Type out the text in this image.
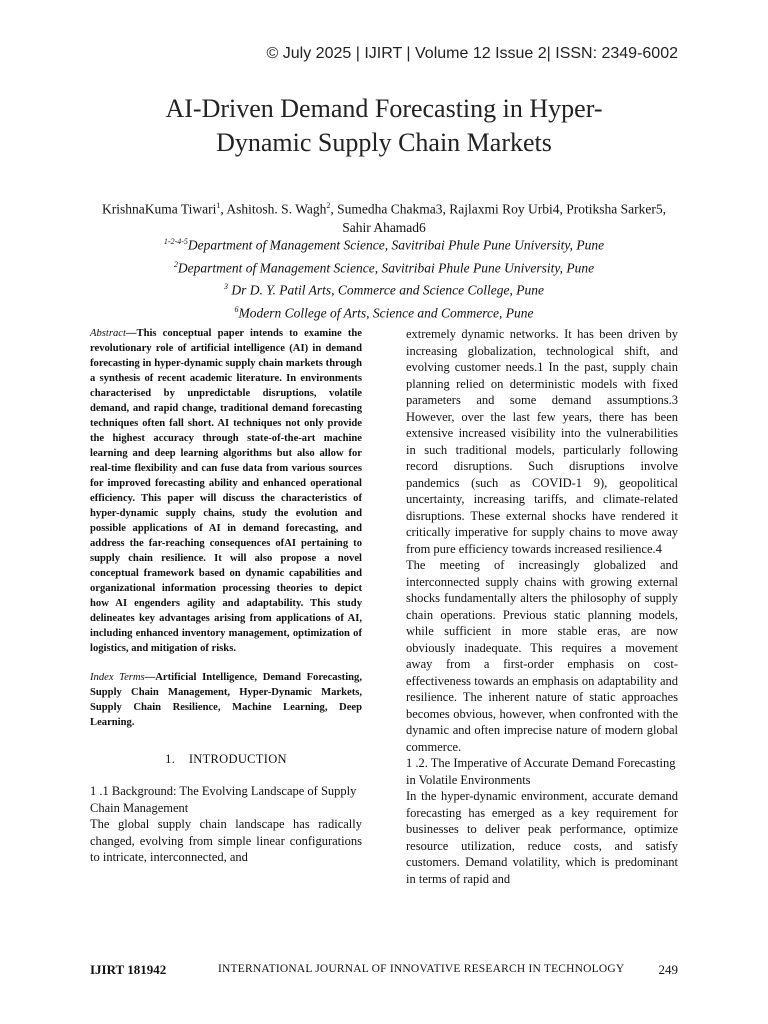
© July 2025 | IJIRT | Volume 12 Issue 2| ISSN: 2349-6002
AI-Driven Demand Forecasting in Hyper-
Dynamic Supply Chain Markets
KrishnaKuma Tiwari$^1$, Ashitosh. S. Wagh$^2$, Sumedha Chakma3, Rajlaxmi Roy Urbi4, Protiksha Sarker5,
Sahir Ahamad6
$^{1-2-4-5}$Department of Management Science, Savitribai Phule Pune University, Pune
$^2$Department of Management Science, Savitribai Phule Pune University, Pune
$^3$ Dr D. Y. Patil Arts, Commerce and Science College, Pune
$^6$Modern College of Arts, Science and Commerce, Pune

Abstract—This conceptual paper intends to examine the revolutionary role of artificial intelligence (AI) in demand forecasting in hyper-dynamic supply chain markets through a synthesis of recent academic literature. In environments characterised by unpredictable disruptions, volatile demand, and rapid change, traditional demand forecasting techniques often fall short. AI techniques not only provide the highest accuracy through state-of-the-art machine learning and deep learning algorithms but also allow for real-time flexibility and can fuse data from various sources for improved forecasting ability and enhanced operational efficiency. This paper will discuss the characteristics of hyper-dynamic supply chains, study the evolution and possible applications of AI in demand forecasting, and address the far-reaching consequences ofAI pertaining to supply chain resilience. It will also propose a novel conceptual framework based on dynamic capabilities and organizational information processing theories to depict how AI engenders agility and adaptability. This study delineates key advantages arising from applications of AI, including enhanced inventory management, optimization of logistics, and mitigation of risks.

Index Terms—Artificial Intelligence, Demand Forecasting, Supply Chain Management, Hyper-Dynamic Markets, Supply Chain Resilience, Machine Learning, Deep Learning.

1.    INTRODUCTION

1 .1 Background: The Evolving Landscape of Supply Chain Management

The global supply chain landscape has radically changed, evolving from simple linear configurations to intricate, interconnected, and

extremely dynamic networks. It has been driven by increasing globalization, technological shift, and evolving customer needs.1 In the past, supply chain planning relied on deterministic models with fixed parameters and some demand assumptions.3 However, over the last few years, there has been extensive increased visibility into the vulnerabilities in such traditional models, particularly following record disruptions. Such disruptions involve pandemics (such as COVID-1 9), geopolitical uncertainty, increasing tariffs, and climate-related disruptions. These external shocks have rendered it critically imperative for supply chains to move away from pure efficiency towards increased resilience.4

The meeting of increasingly globalized and interconnected supply chains with growing external shocks fundamentally alters the philosophy of supply chain operations. Previous static planning models, while sufficient in more stable eras, are now obviously inadequate. This requires a movement away from a first-order emphasis on cost-effectiveness towards an emphasis on adaptability and resilience. The inherent nature of static approaches becomes obvious, however, when confronted with the dynamic and often imprecise nature of modern global commerce.

1 .2. The Imperative of Accurate Demand Forecasting in Volatile Environments

In the hyper-dynamic environment, accurate demand forecasting has emerged as a key requirement for businesses to deliver peak performance, optimize resource utilization, reduce costs, and satisfy customers. Demand volatility, which is predominant in terms of rapid and

IJIRT 181942	INTERNATIONAL JOURNAL OF INNOVATIVE RESEARCH IN TECHNOLOGY	249
